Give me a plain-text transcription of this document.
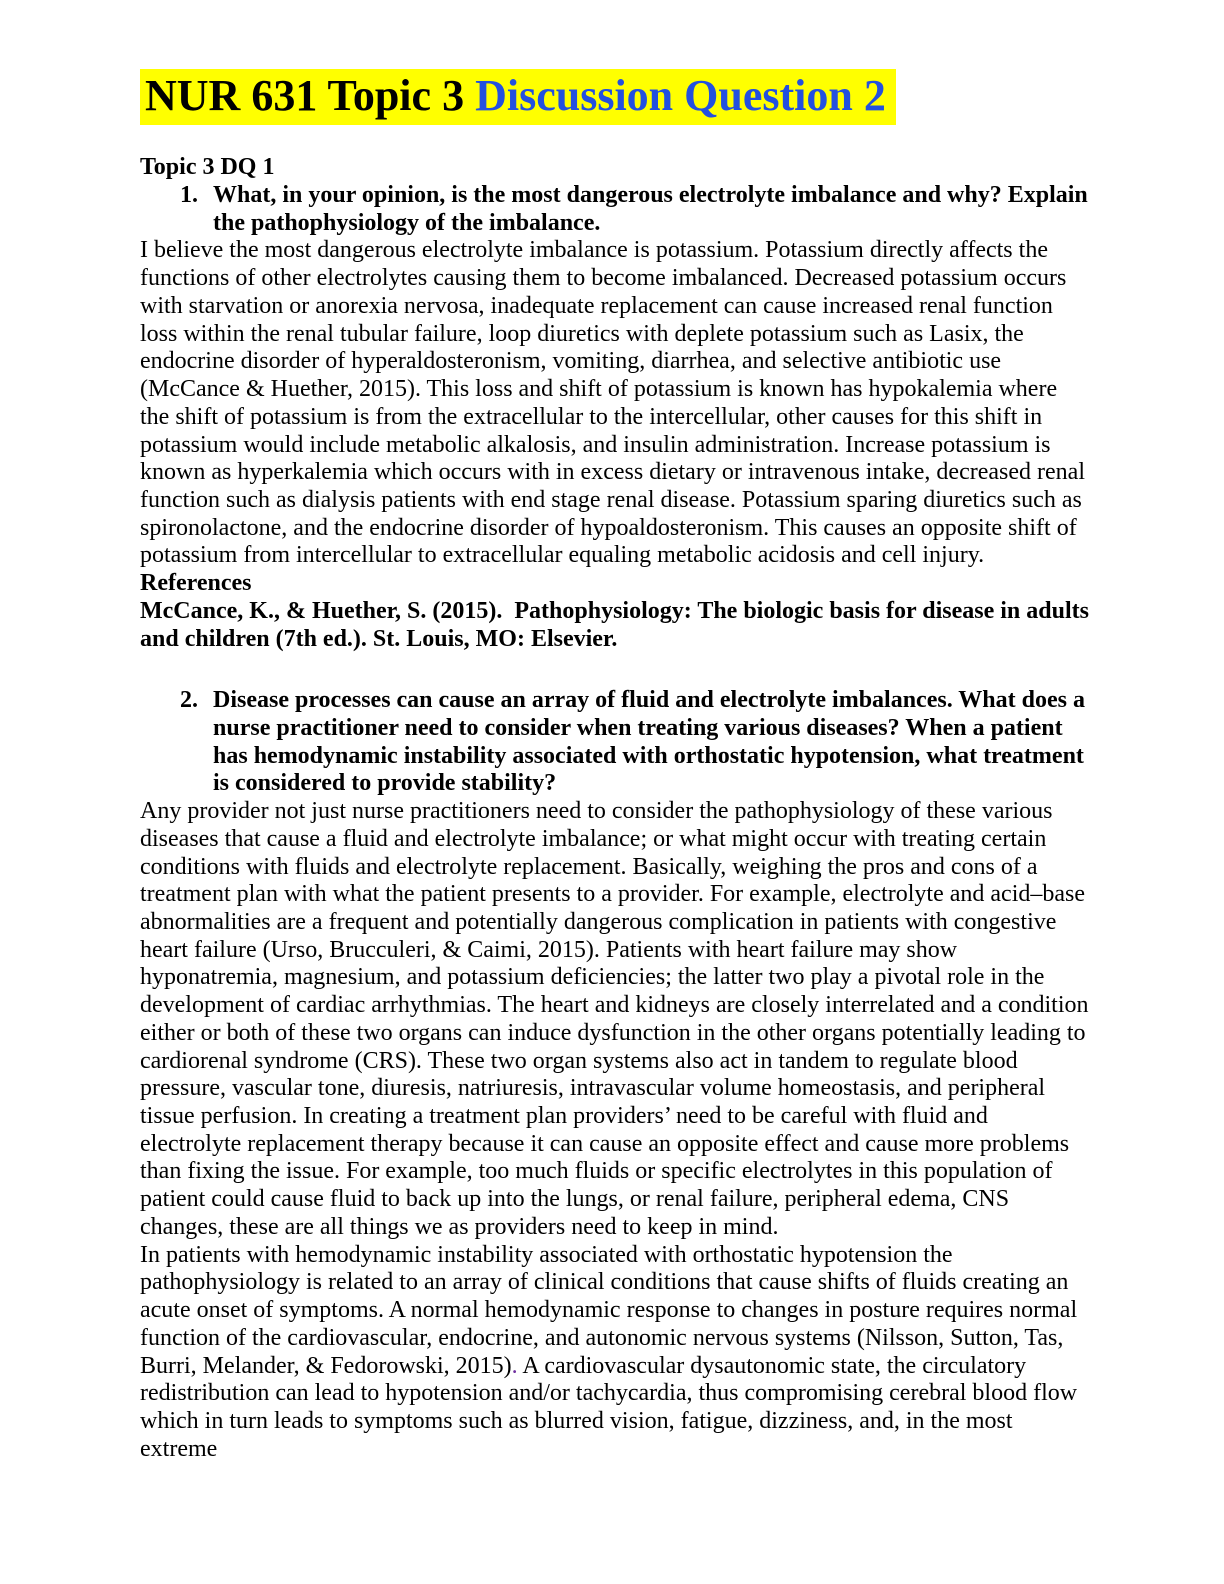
NUR 631 Topic 3 Discussion Question 2

Topic 3 DQ 1

1. What, in your opinion, is the most dangerous electrolyte imbalance and why? Explain the pathophysiology of the imbalance.

I believe the most dangerous electrolyte imbalance is potassium. Potassium directly affects the functions of other electrolytes causing them to become imbalanced. Decreased potassium occurs with starvation or anorexia nervosa, inadequate replacement can cause increased renal function loss within the renal tubular failure, loop diuretics with deplete potassium such as Lasix, the endocrine disorder of hyperaldosteronism, vomiting, diarrhea, and selective antibiotic use (McCance & Huether, 2015). This loss and shift of potassium is known has hypokalemia where the shift of potassium is from the extracellular to the intercellular, other causes for this shift in potassium would include metabolic alkalosis, and insulin administration. Increase potassium is known as hyperkalemia which occurs with in excess dietary or intravenous intake, decreased renal function such as dialysis patients with end stage renal disease. Potassium sparing diuretics such as spironolactone, and the endocrine disorder of hypoaldosteronism. This causes an opposite shift of potassium from intercellular to extracellular equaling metabolic acidosis and cell injury.

References

McCance, K., & Huether, S. (2015).  Pathophysiology: The biologic basis for disease in adults and children (7th ed.). St. Louis, MO: Elsevier.

2. Disease processes can cause an array of fluid and electrolyte imbalances. What does a nurse practitioner need to consider when treating various diseases? When a patient has hemodynamic instability associated with orthostatic hypotension, what treatment is considered to provide stability?

Any provider not just nurse practitioners need to consider the pathophysiology of these various diseases that cause a fluid and electrolyte imbalance; or what might occur with treating certain conditions with fluids and electrolyte replacement. Basically, weighing the pros and cons of a treatment plan with what the patient presents to a provider. For example, electrolyte and acid–base abnormalities are a frequent and potentially dangerous complication in patients with congestive heart failure (Urso, Brucculeri, & Caimi, 2015). Patients with heart failure may show hyponatremia, magnesium, and potassium deficiencies; the latter two play a pivotal role in the development of cardiac arrhythmias. The heart and kidneys are closely interrelated and a condition either or both of these two organs can induce dysfunction in the other organs potentially leading to cardiorenal syndrome (CRS). These two organ systems also act in tandem to regulate blood pressure, vascular tone, diuresis, natriuresis, intravascular volume homeostasis, and peripheral tissue perfusion. In creating a treatment plan providers’ need to be careful with fluid and electrolyte replacement therapy because it can cause an opposite effect and cause more problems than fixing the issue. For example, too much fluids or specific electrolytes in this population of patient could cause fluid to back up into the lungs, or renal failure, peripheral edema, CNS changes, these are all things we as providers need to keep in mind.

In patients with hemodynamic instability associated with orthostatic hypotension the pathophysiology is related to an array of clinical conditions that cause shifts of fluids creating an acute onset of symptoms. A normal hemodynamic response to changes in posture requires normal function of the cardiovascular, endocrine, and autonomic nervous systems (Nilsson, Sutton, Tas, Burri, Melander, & Fedorowski, 2015). A cardiovascular dysautonomic state, the circulatory redistribution can lead to hypotension and/or tachycardia, thus compromising cerebral blood flow which in turn leads to symptoms such as blurred vision, fatigue, dizziness, and, in the most extreme
